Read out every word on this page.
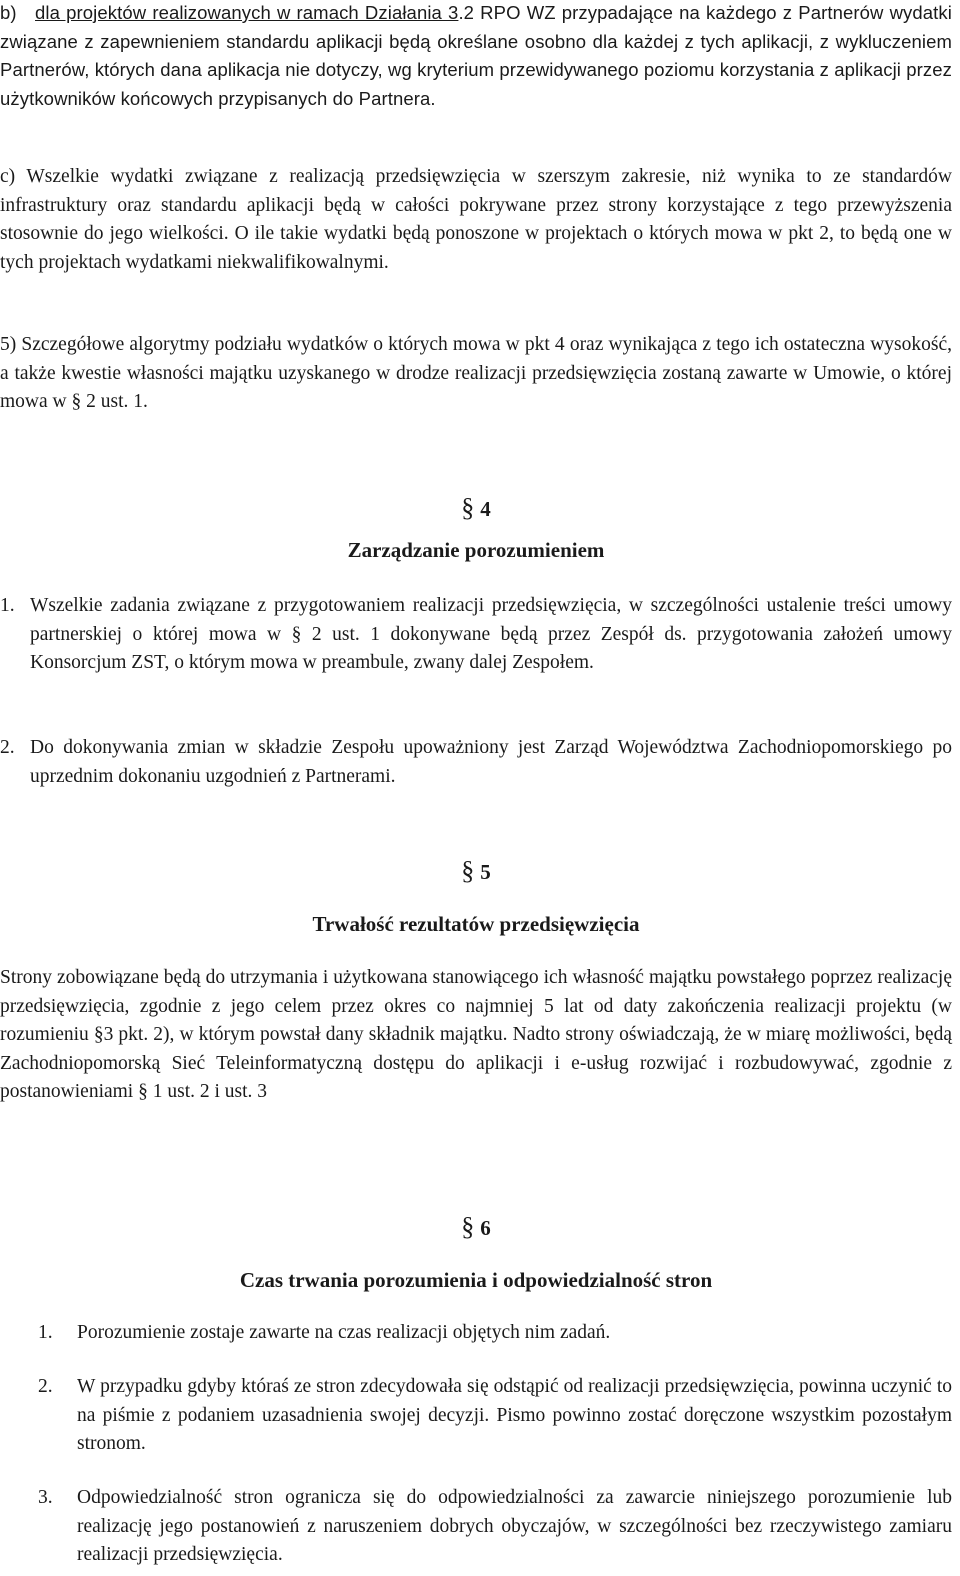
b) dla projektów realizowanych w ramach Działania 3.2 RPO WZ przypadające na każdego z Partnerów wydatki związane z zapewnieniem standardu aplikacji będą określane osobno dla każdej z tych aplikacji, z wykluczeniem Partnerów, których dana aplikacja nie dotyczy, wg kryterium przewidywanego poziomu korzystania z aplikacji przez użytkowników końcowych przypisanych do Partnera.

c) Wszelkie wydatki związane z realizacją przedsięwzięcia w szerszym zakresie, niż wynika to ze standardów infrastruktury oraz standardu aplikacji będą w całości pokrywane przez strony korzystające z tego przewyższenia stosownie do jego wielkości. O ile takie wydatki będą ponoszone w projektach o których mowa w pkt 2, to będą one w tych projektach wydatkami niekwalifikowalnymi.

5) Szczegółowe algorytmy podziału wydatków o których mowa w pkt 4 oraz wynikająca z tego ich ostateczna wysokość, a także kwestie własności majątku uzyskanego w drodze realizacji przedsięwzięcia zostaną zawarte w Umowie, o której mowa w § 2 ust. 1.

§ 4

Zarządzanie porozumieniem

1. Wszelkie zadania związane z przygotowaniem realizacji przedsięwzięcia, w szczególności ustalenie treści umowy partnerskiej o której mowa w § 2 ust. 1 dokonywane będą przez Zespół ds. przygotowania założeń umowy Konsorcjum ZST, o którym mowa w preambule, zwany dalej Zespołem.
2. Do dokonywania zmian w składzie Zespołu upoważniony jest Zarząd Województwa Zachodniopomorskiego po uprzednim dokonaniu uzgodnień z Partnerami.

§ 5

Trwałość rezultatów przedsięwzięcia

Strony zobowiązane będą do utrzymania i użytkowana stanowiącego ich własność majątku powstałego poprzez realizację przedsięwzięcia, zgodnie z jego celem przez okres co najmniej 5 lat od daty zakończenia realizacji projektu (w rozumieniu §3 pkt. 2), w którym powstał dany składnik majątku. Nadto strony oświadczają, że w miarę możliwości, będą Zachodniopomorską Sieć Teleinformatyczną dostępu do aplikacji i e-usług rozwijać i rozbudowywać, zgodnie z postanowieniami § 1 ust. 2 i ust. 3

§ 6

Czas trwania porozumienia i odpowiedzialność stron

1.	Porozumienie zostaje zawarte na czas realizacji objętych nim zadań.
2.	W przypadku gdyby któraś ze stron zdecydowała się odstąpić od realizacji przedsięwzięcia, powinna uczynić to na piśmie z podaniem uzasadnienia swojej decyzji. Pismo powinno zostać doręczone wszystkim pozostałym stronom.
3.	Odpowiedzialność stron ogranicza się do odpowiedzialności za zawarcie niniejszego porozumienie lub realizację jego postanowień z naruszeniem dobrych obyczajów, w szczególności bez rzeczywistego zamiaru realizacji przedsięwzięcia.
